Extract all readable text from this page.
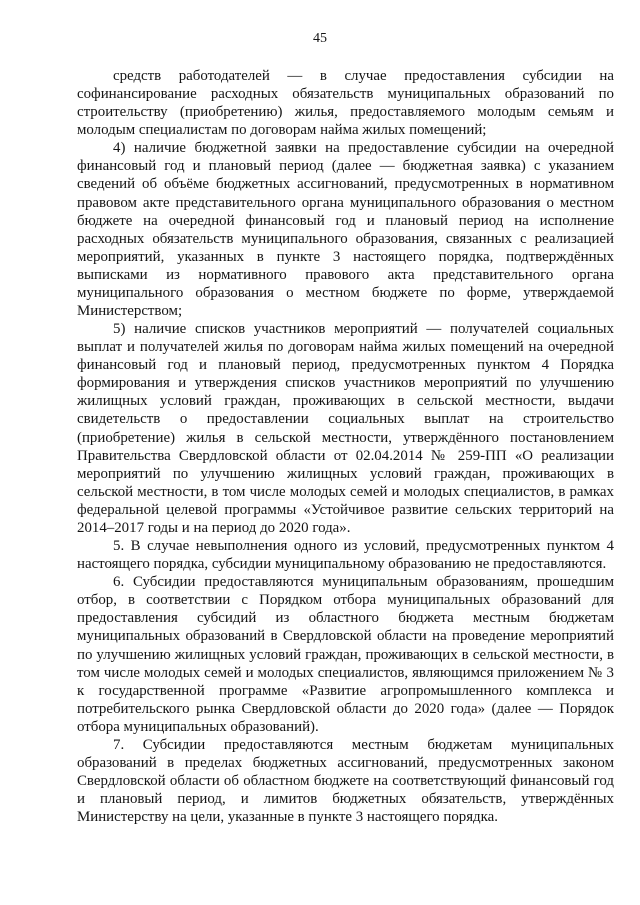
45

средств работодателей — в случае предоставления субсидии на софинансирование расходных обязательств муниципальных образований по строительству (приобретению) жилья, предоставляемого молодым семьям и молодым специалистам по договорам найма жилых помещений;

4) наличие бюджетной заявки на предоставление субсидии на очередной финансовый год и плановый период (далее — бюджетная заявка) с указанием сведений об объёме бюджетных ассигнований, предусмотренных в нормативном правовом акте представительного органа муниципального образования о местном бюджете на очередной финансовый год и плановый период на исполнение расходных обязательств муниципального образования, связанных с реализацией мероприятий, указанных в пункте 3 настоящего порядка, подтверждённых выписками из нормативного правового акта представительного органа муниципального образования о местном бюджете по форме, утверждаемой Министерством;

5) наличие списков участников мероприятий — получателей социальных выплат и получателей жилья по договорам найма жилых помещений на очередной финансовый год и плановый период, предусмотренных пунктом 4 Порядка формирования и утверждения списков участников мероприятий по улучшению жилищных условий граждан, проживающих в сельской местности, выдачи свидетельств о предоставлении социальных выплат на строительство (приобретение) жилья в сельской местности, утверждённого постановлением Правительства Свердловской области от 02.04.2014 № 259-ПП «О реализации мероприятий по улучшению жилищных условий граждан, проживающих в сельской местности, в том числе молодых семей и молодых специалистов, в рамках федеральной целевой программы «Устойчивое развитие сельских территорий на 2014–2017 годы и на период до 2020 года».

5. В случае невыполнения одного из условий, предусмотренных пунктом 4 настоящего порядка, субсидии муниципальному образованию не предоставляются.

6. Субсидии предоставляются муниципальным образованиям, прошедшим отбор, в соответствии с Порядком отбора муниципальных образований для предоставления субсидий из областного бюджета местным бюджетам муниципальных образований в Свердловской области на проведение мероприятий по улучшению жилищных условий граждан, проживающих в сельской местности, в том числе молодых семей и молодых специалистов, являющимся приложением № 3 к государственной программе «Развитие агропромышленного комплекса и потребительского рынка Свердловской области до 2020 года» (далее — Порядок отбора муниципальных образований).

7. Субсидии предоставляются местным бюджетам муниципальных образований в пределах бюджетных ассигнований, предусмотренных законом Свердловской области об областном бюджете на соответствующий финансовый год и плановый период, и лимитов бюджетных обязательств, утверждённых Министерству на цели, указанные в пункте 3 настоящего порядка.
